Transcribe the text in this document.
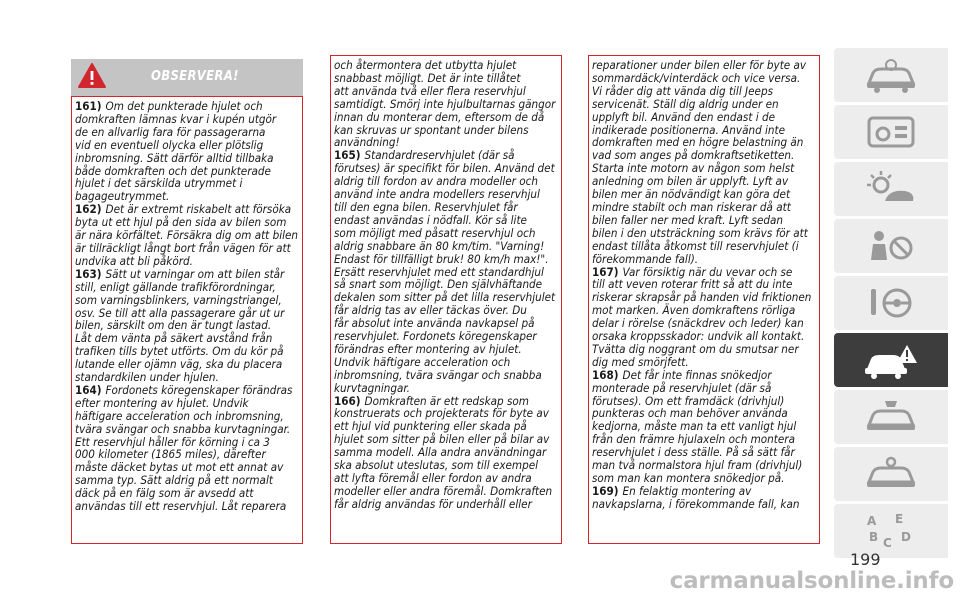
OBSERVERA!
161) Om det punkterade hjulet och
domkraften lämnas kvar i kupén utgör
de en allvarlig fara för passagerarna
vid en eventuell olycka eller plötslig
inbromsning. Sätt därför alltid tillbaka
både domkraften och det punkterade
hjulet i det särskilda utrymmet i
bagageutrymmet.
162) Det är extremt riskabelt att försöka
byta ut ett hjul på den sida av bilen som
är nära körfältet. Försäkra dig om att bilen
är tillräckligt långt bort från vägen för att
undvika att bli påkörd.
163) Sätt ut varningar om att bilen står
still, enligt gällande trafikförordningar,
som varningsblinkers, varningstriangel,
osv. Se till att alla passagerare går ut ur
bilen, särskilt om den är tungt lastad.
Låt dem vänta på säkert avstånd från
trafiken tills bytet utförts. Om du kör på
lutande eller ojämn väg, ska du placera
standardkilen under hjulen.
164) Fordonets köregenskaper förändras
efter montering av hjulet. Undvik
häftigare acceleration och inbromsning,
tvära svängar och snabba kurvtagningar.
Ett reservhjul håller för körning i ca 3
000 kilometer (1865 miles), därefter
måste däcket bytas ut mot ett annat av
samma typ. Sätt aldrig på ett normalt
däck på en fälg som är avsedd att
användas till ett reservhjul. Låt reparera
och återmontera det utbytta hjulet
snabbast möjligt. Det är inte tillåtet
att använda två eller flera reservhjul
samtidigt. Smörj inte hjulbultarnas gängor
innan du monterar dem, eftersom de då
kan skruvas ur spontant under bilens
användning!
165) Standardreservhjulet (där så
förutses) är specifikt för bilen. Använd det
aldrig till fordon av andra modeller och
använd inte andra modellers reservhjul
till den egna bilen. Reservhjulet får
endast användas i nödfall. Kör så lite
som möjligt med påsatt reservhjul och
aldrig snabbare än 80 km/tim. "Varning!
Endast för tillfälligt bruk! 80 km/h max!".
Ersätt reservhjulet med ett standardhjul
så snart som möjligt. Den självhäftande
dekalen som sitter på det lilla reservhjulet
får aldrig tas av eller täckas över. Du
får absolut inte använda navkapsel på
reservhjulet. Fordonets köregenskaper
förändras efter montering av hjulet.
Undvik häftigare acceleration och
inbromsning, tvära svängar och snabba
kurvtagningar.
166) Domkraften är ett redskap som
konstruerats och projekterats för byte av
ett hjul vid punktering eller skada på
hjulet som sitter på bilen eller på bilar av
samma modell. Alla andra användningar
ska absolut uteslutas, som till exempel
att lyfta föremål eller fordon av andra
modeller eller andra föremål. Domkraften
får aldrig användas för underhåll eller
reparationer under bilen eller för byte av
sommardäck/vinterdäck och vice versa.
Vi råder dig att vända dig till Jeeps
servicenät. Ställ dig aldrig under en
upplyft bil. Använd den endast i de
indikerade positionerna. Använd inte
domkraften med en högre belastning än
vad som anges på domkraftsetiketten.
Starta inte motorn av någon som helst
anledning om bilen är upplyft. Lyft av
bilen mer än nödvändigt kan göra det
mindre stabilt och man riskerar då att
bilen faller ner med kraft. Lyft sedan
bilen i den utsträckning som krävs för att
endast tillåta åtkomst till reservhjulet (i
förekommande fall).
167) Var försiktig när du vevar och se
till att veven roterar fritt så att du inte
riskerar skrapsår på handen vid friktionen
mot marken. Även domkraftens rörliga
delar i rörelse (snäckdrev och leder) kan
orsaka kroppsskador: undvik all kontakt.
Tvätta dig noggrant om du smutsar ner
dig med smörjfett.
168) Det får inte finnas snökedjor
monterade på reservhjulet (där så
förutses). Om ett framdäck (drivhjul)
punkteras och man behöver använda
kedjorna, måste man ta ett vanligt hjul
från den främre hjulaxeln och montera
reservhjulet i dess ställe. På så sätt får
man två normalstora hjul fram (drivhjul)
som man kan montera snökedjor på.
169) En felaktig montering av
navkapslarna, i förekommande fall, kan
A E
B C D
199
carmanualsonline.info
